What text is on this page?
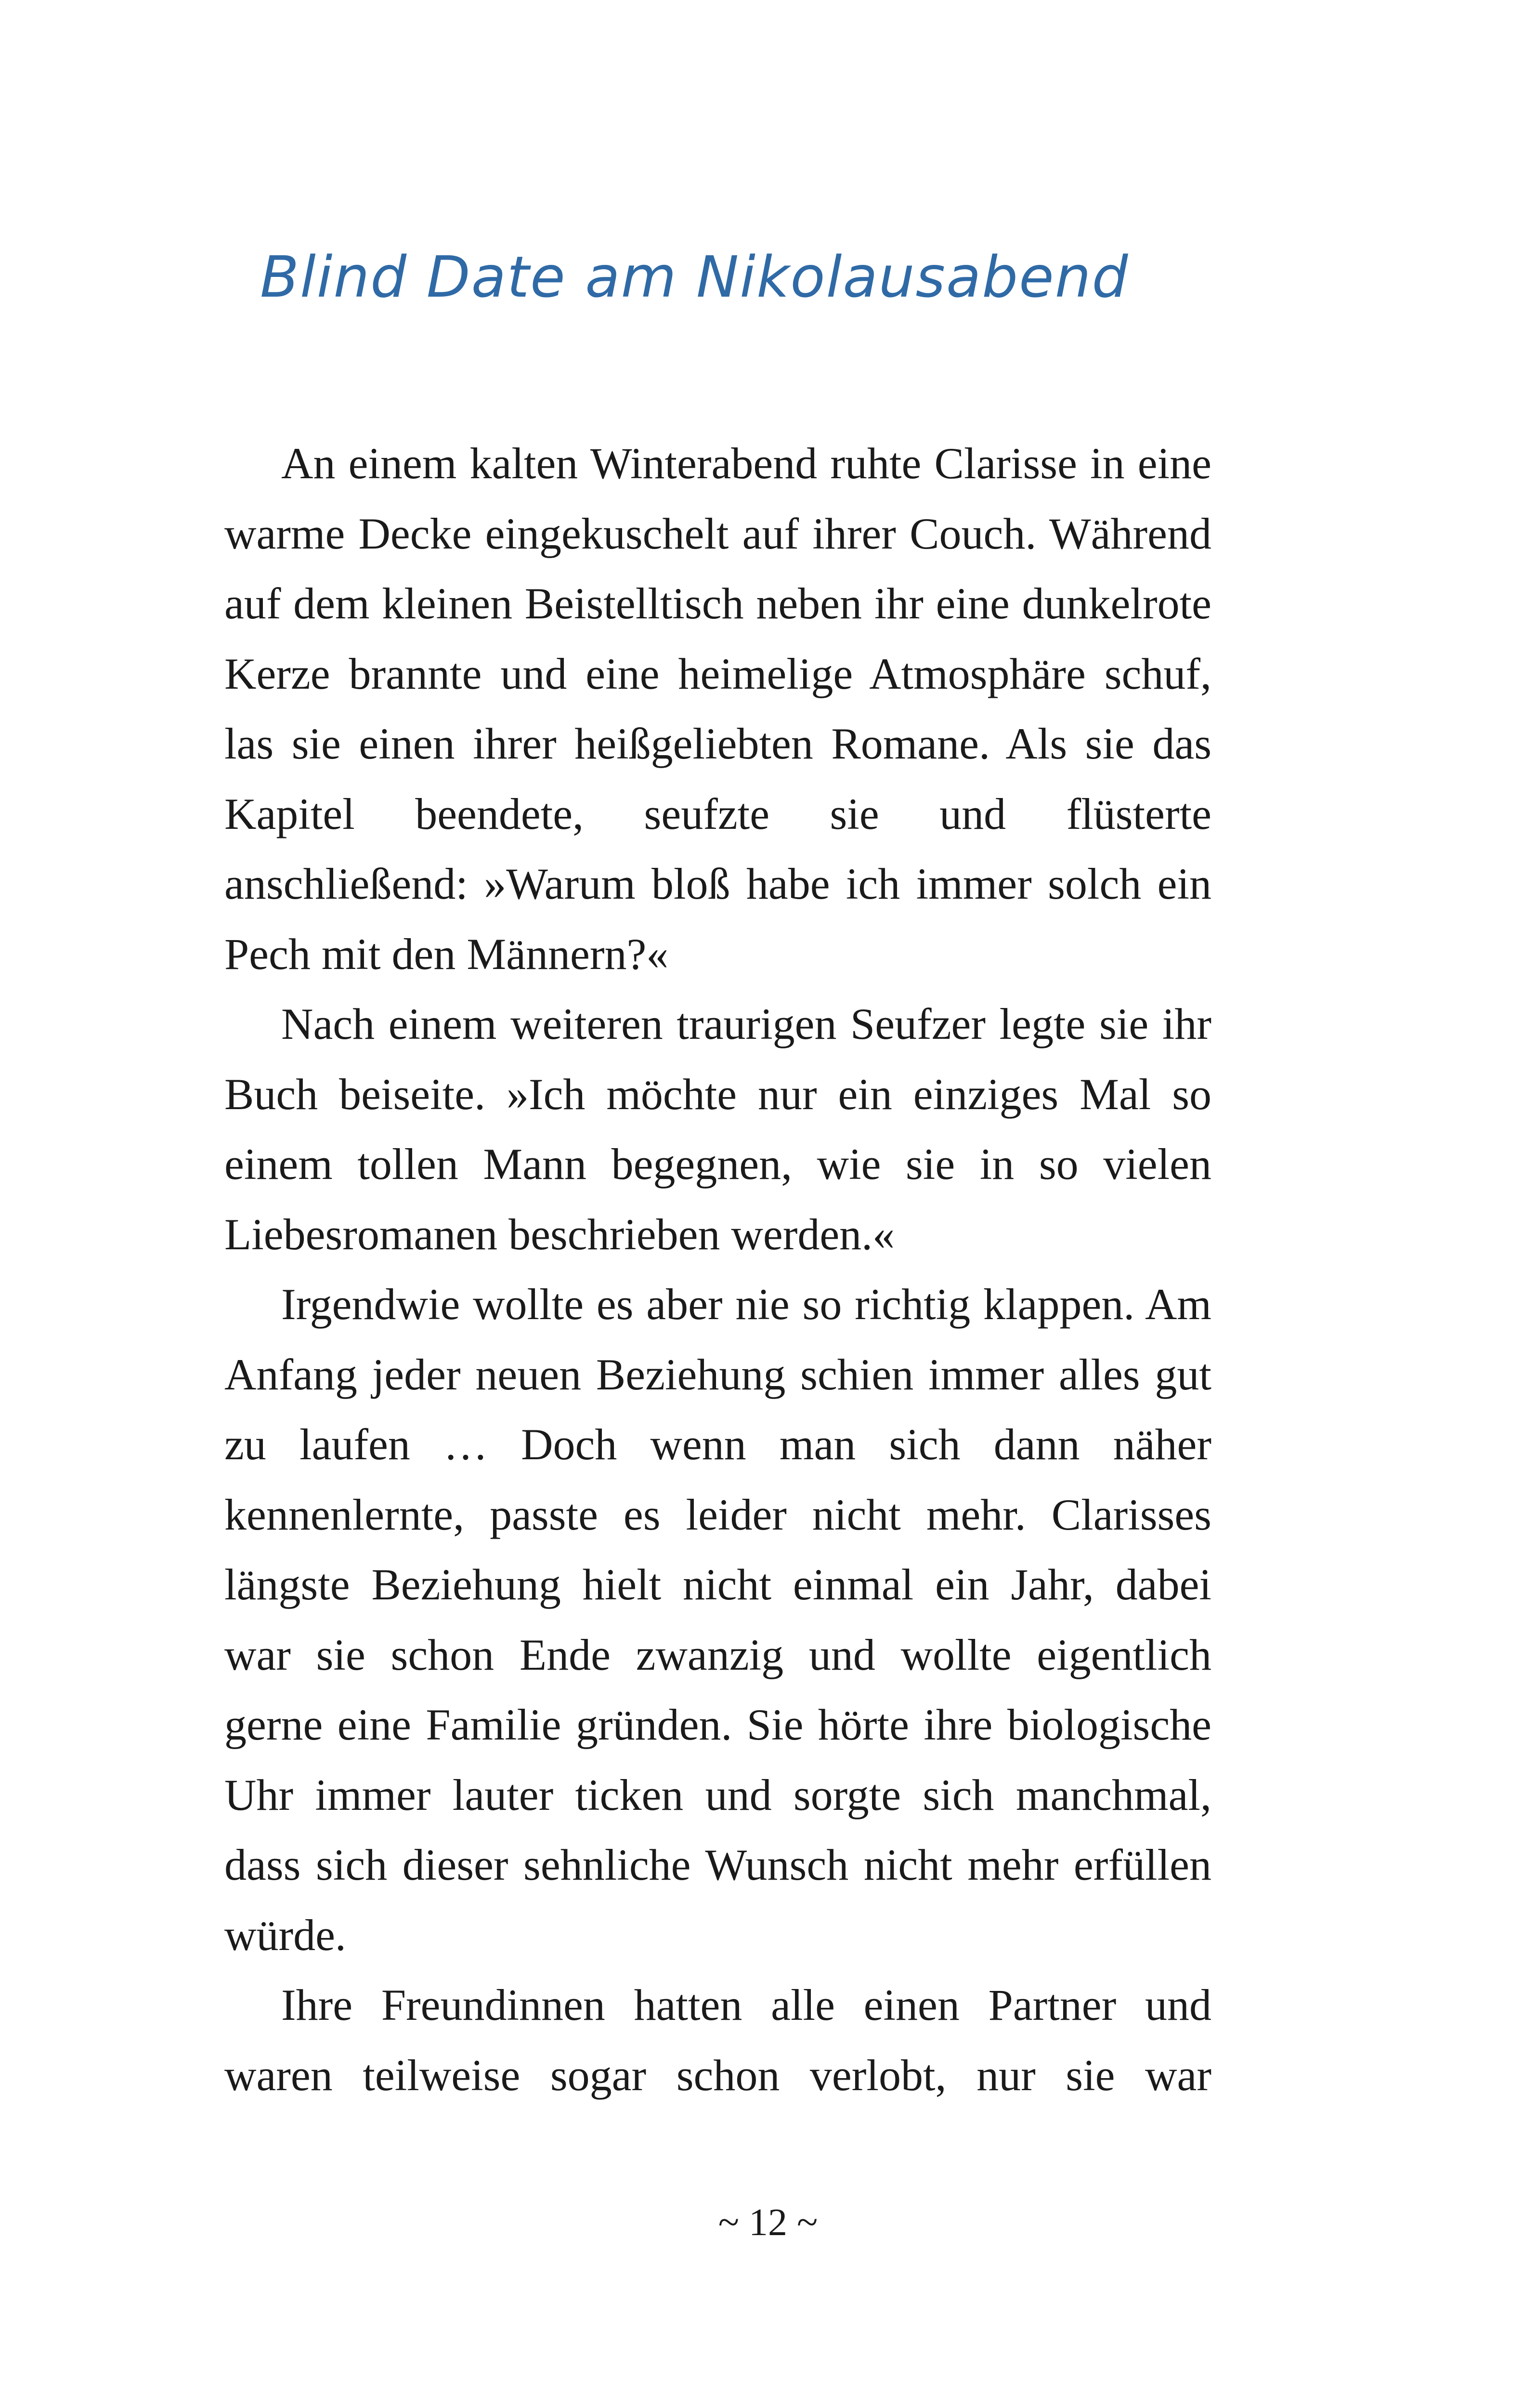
Blind Date am Nikolausabend

An einem kalten Winterabend ruhte Clarisse in eine warme Decke eingekuschelt auf ihrer Couch. Während auf dem kleinen Beistelltisch neben ihr eine dunkelrote Kerze brannte und eine heimelige Atmosphäre schuf, las sie einen ihrer heißgeliebten Romane. Als sie das Kapitel beendete, seufzte sie und flüsterte anschließend: »Warum bloß habe ich immer solch ein Pech mit den Männern?«

Nach einem weiteren traurigen Seufzer legte sie ihr Buch beiseite. »Ich möchte nur ein einziges Mal so einem tollen Mann begegnen, wie sie in so vielen Liebesromanen beschrieben werden.«

Irgendwie wollte es aber nie so richtig klappen. Am Anfang jeder neuen Beziehung schien immer alles gut zu laufen … Doch wenn man sich dann näher kennenlernte, passte es leider nicht mehr. Clarisses längste Beziehung hielt nicht einmal ein Jahr, dabei war sie schon Ende zwanzig und wollte eigentlich gerne eine Familie gründen. Sie hörte ihre biologische Uhr immer lauter ticken und sorgte sich manchmal, dass sich dieser sehnliche Wunsch nicht mehr erfüllen würde.

Ihre Freundinnen hatten alle einen Partner und waren teilweise sogar schon verlobt, nur sie war

~ 12 ~
